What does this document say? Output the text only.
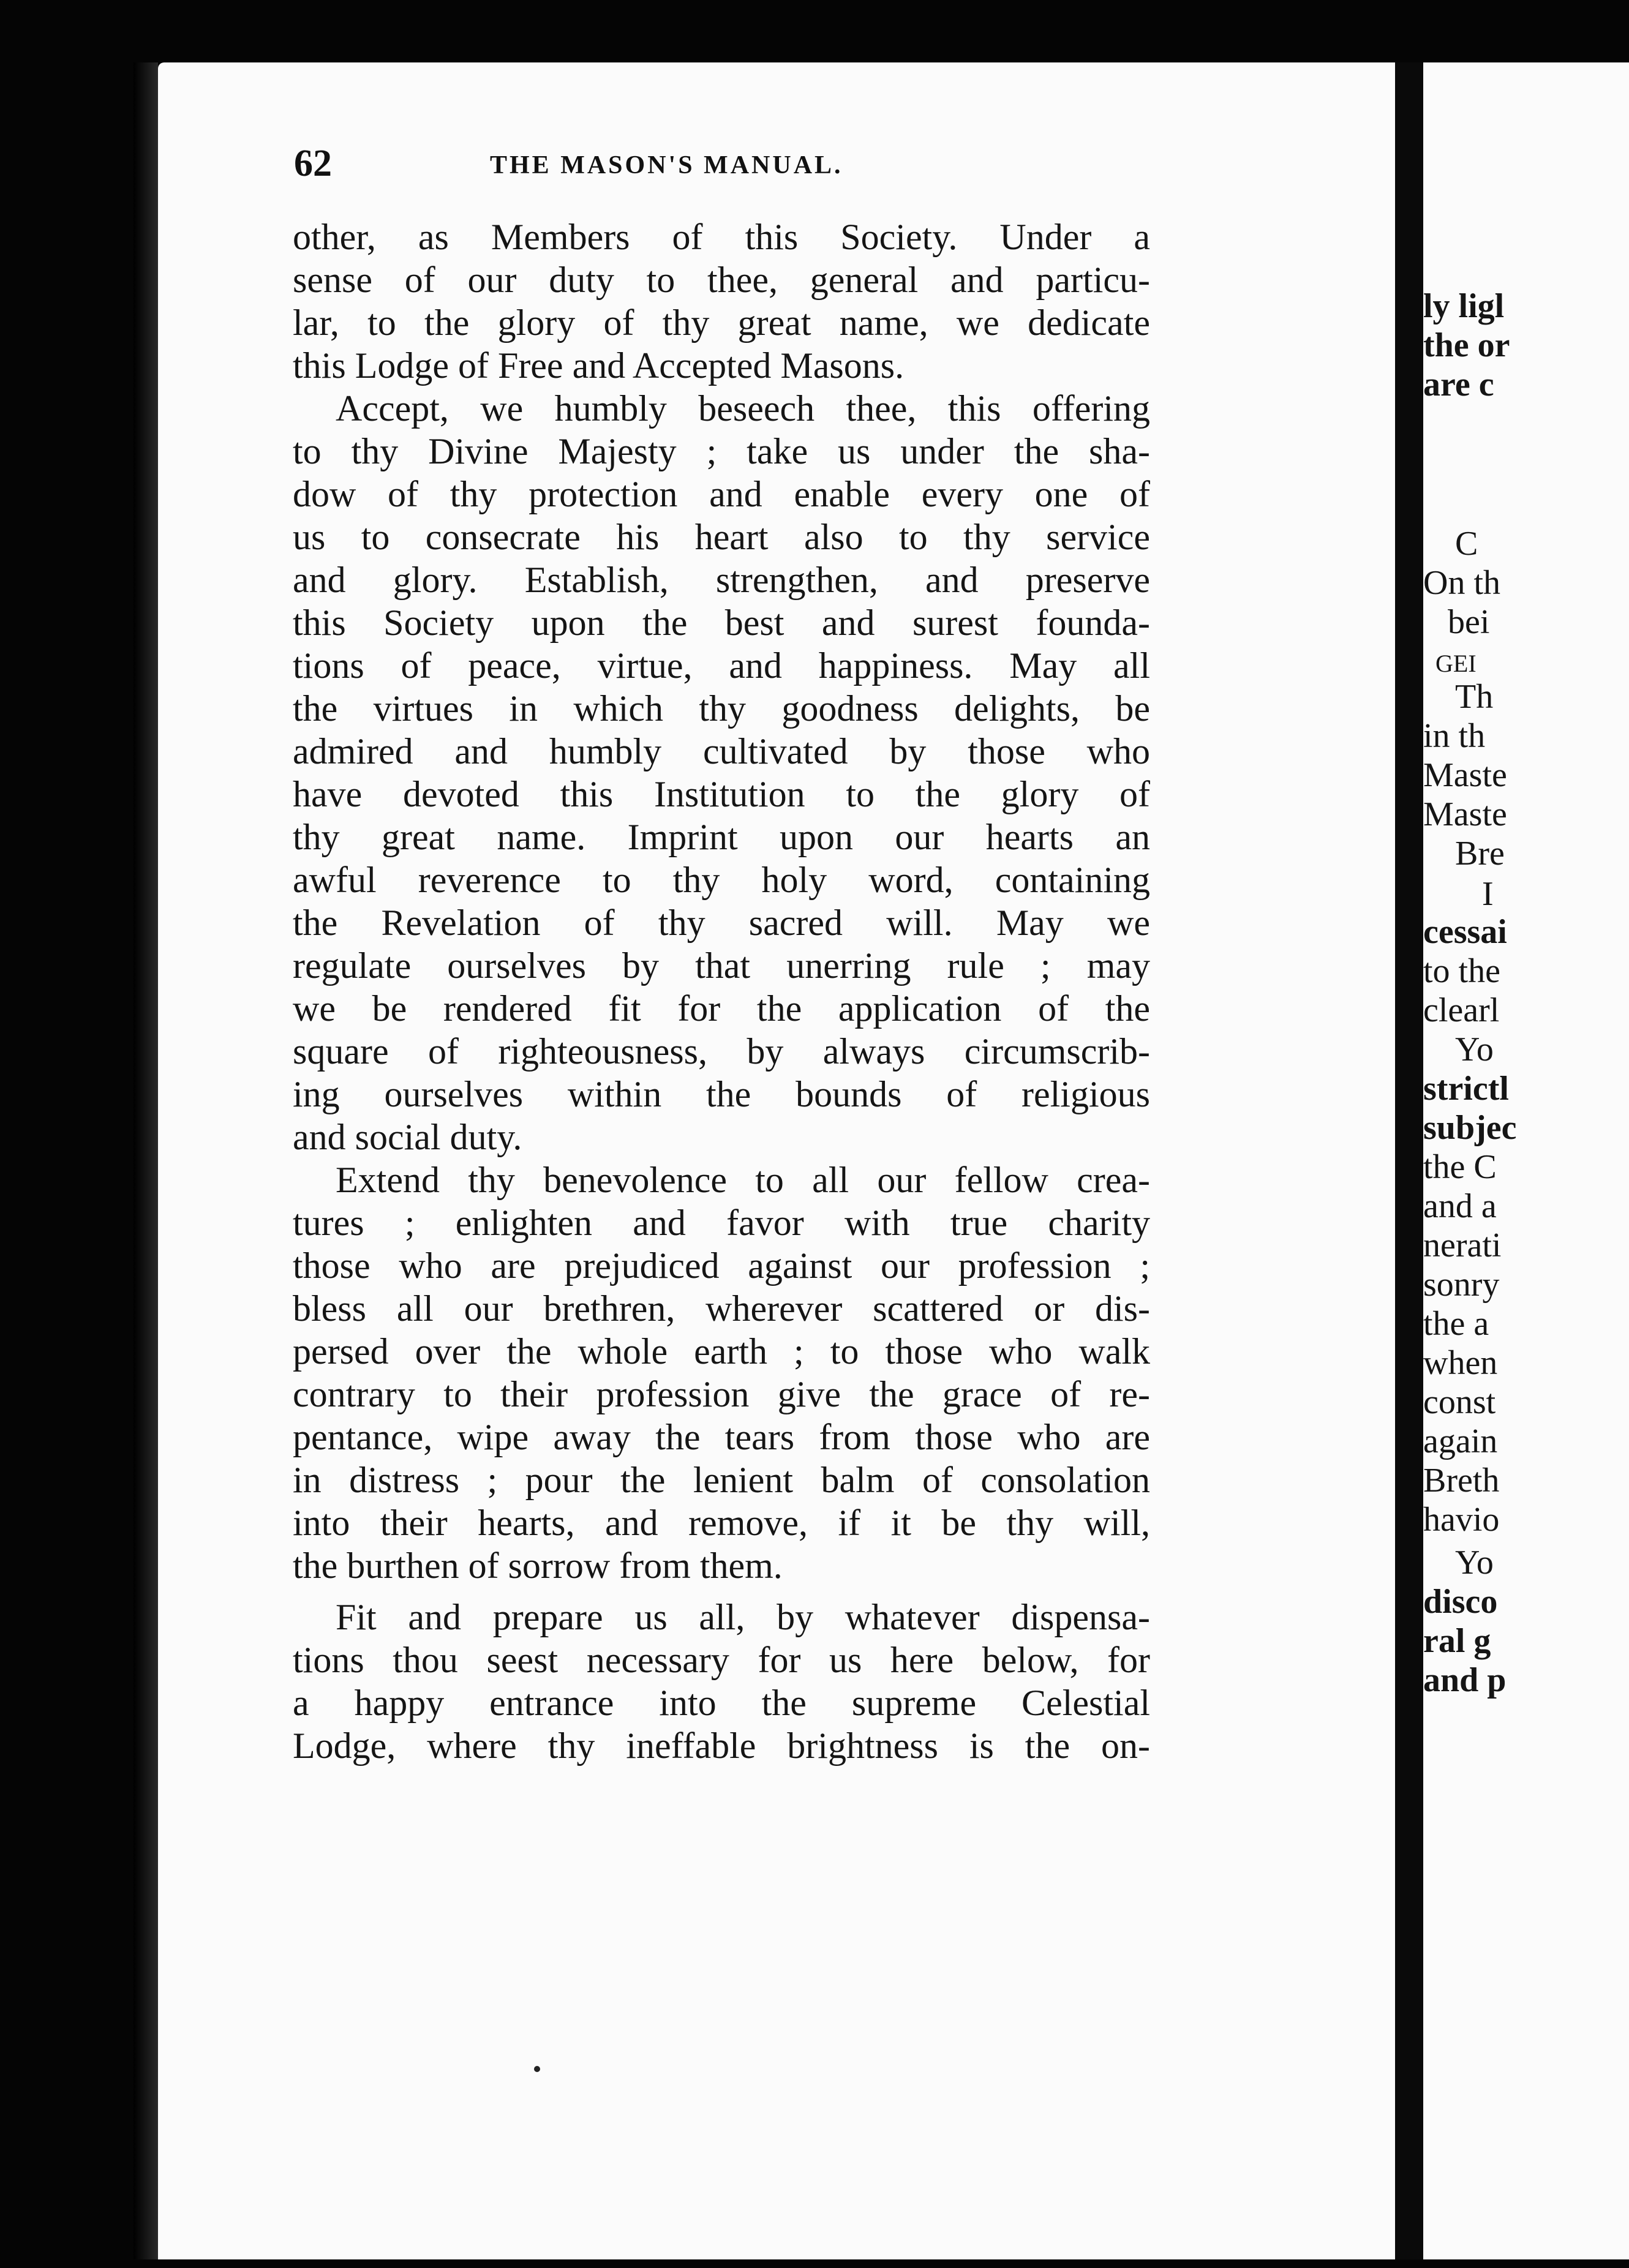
62	THE MASON'S MANUAL.
other, as Members of this Society. Under a
sense of our duty to thee, general and particu-
lar, to the glory of thy great name, we dedicate
this Lodge of Free and Accepted Masons.
Accept, we humbly beseech thee, this offering
to thy Divine Majesty ; take us under the sha-
dow of thy protection and enable every one of
us to consecrate his heart also to thy service
and glory. Establish, strengthen, and preserve
this Society upon the best and surest founda-
tions of peace, virtue, and happiness. May all
the virtues in which thy goodness delights, be
admired and humbly cultivated by those who
have devoted this Institution to the glory of
thy great name. Imprint upon our hearts an
awful reverence to thy holy word, containing
the Revelation of thy sacred will. May we
regulate ourselves by that unerring rule ; may
we be rendered fit for the application of the
square of righteousness, by always circumscrib-
ing ourselves within the bounds of religious
and social duty.
Extend thy benevolence to all our fellow crea-
tures ; enlighten and favor with true charity
those who are prejudiced against our profession ;
bless all our brethren, wherever scattered or dis-
persed over the whole earth ; to those who walk
contrary to their profession give the grace of re-
pentance, wipe away the tears from those who are
in distress ; pour the lenient balm of consolation
into their hearts, and remove, if it be thy will,
the burthen of sorrow from them.
Fit and prepare us all, by whatever dispensa-
tions thou seest necessary for us here below, for
a happy entrance into the supreme Celestial
Lodge, where thy ineffable brightness is the on-
ly ligl
the or
are c
C
On th
bei
GEI
Th
in th
Maste
Maste
Bre
I
cessai
to the
clearl
Yo
strictl
subjec
the C
and a
nerati
sonry
the a
when
const
again
Breth
havio
Yo
disco
ral g
and p
